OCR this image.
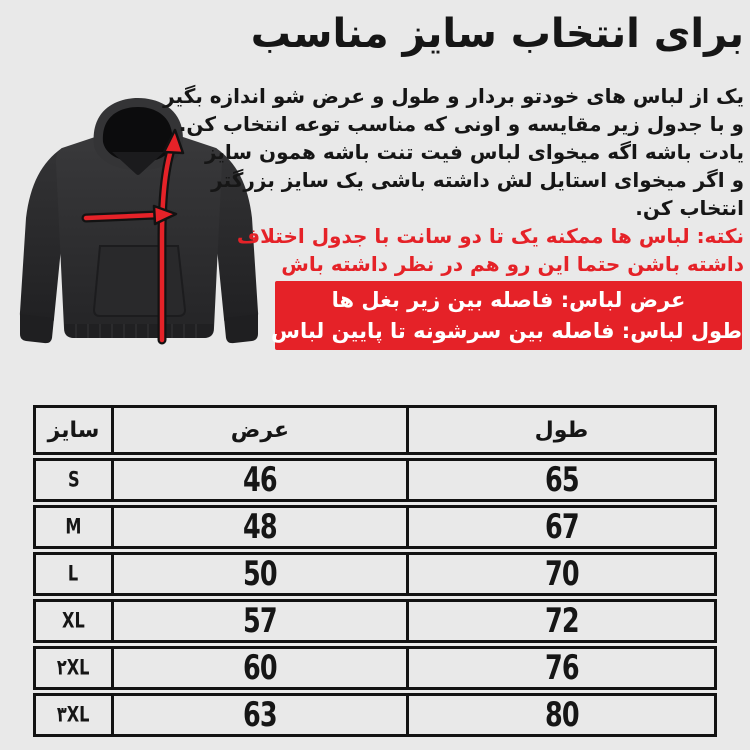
برای انتخاب سایز مناسب
یک از لباس های خودتو بردار و طول و عرض شو اندازه بگیر
و با جدول زیر مقایسه و اونی که مناسب توعه انتخاب کن.
یادت باشه اگه میخوای لباس فیت تنت باشه همون سایز
و اگر میخوای استایل لش داشته باشی یک سایز بزرگتر
انتخاب کن.
نکته: لباس ها ممکنه یک تا دو سانت با جدول اختلاف
داشته باشن حتما این رو هم در نظر داشته باش
عرض لباس: فاصله بین زیر بغل ها
طول لباس: فاصله بین سرشونه تا پایین لباس
سایز	عرض	طول
S	46	65
M	48	67
L	50	70
XL	57	72
۲XL	60	76
۳XL	63	80
